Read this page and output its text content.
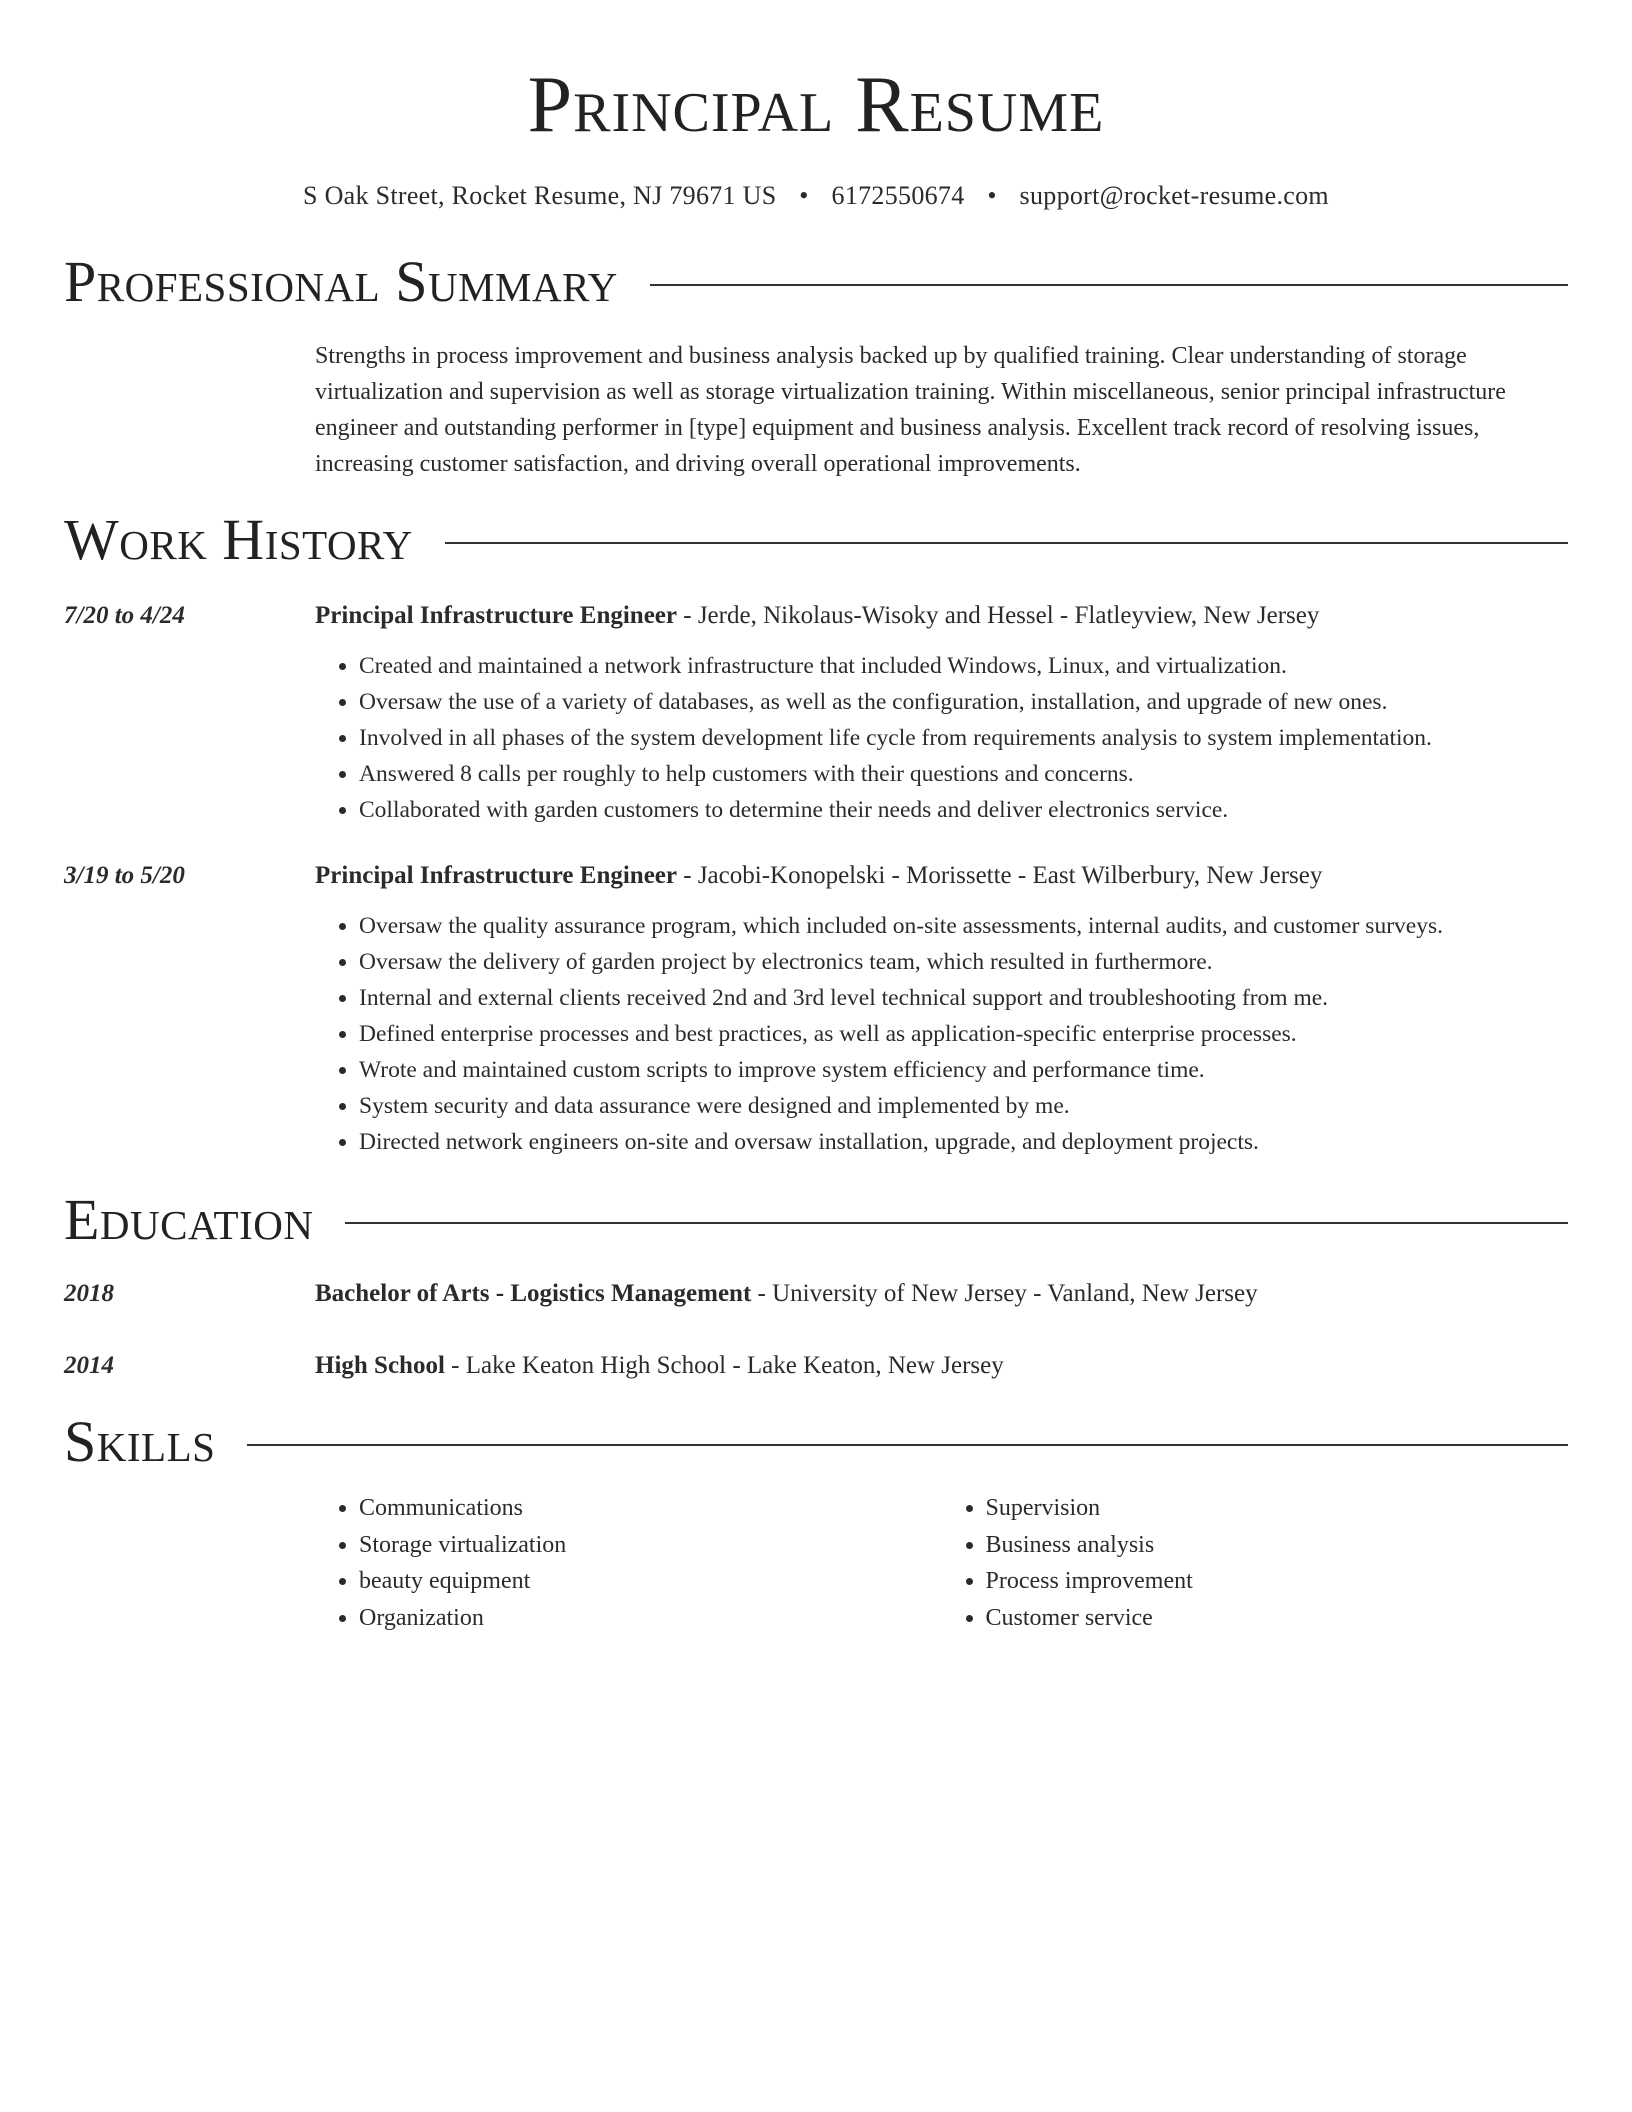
Principal Resume
S Oak Street, Rocket Resume, NJ 79671 US • 6172550674 • support@rocket-resume.com
Professional Summary
Strengths in process improvement and business analysis backed up by qualified training. Clear understanding of storage virtualization and supervision as well as storage virtualization training. Within miscellaneous, senior principal infrastructure engineer and outstanding performer in [type] equipment and business analysis. Excellent track record of resolving issues, increasing customer satisfaction, and driving overall operational improvements.
Work History
7/20 to 4/24	Principal Infrastructure Engineer - Jerde, Nikolaus-Wisoky and Hessel - Flatleyview, New Jersey
• Created and maintained a network infrastructure that included Windows, Linux, and virtualization.
• Oversaw the use of a variety of databases, as well as the configuration, installation, and upgrade of new ones.
• Involved in all phases of the system development life cycle from requirements analysis to system implementation.
• Answered 8 calls per roughly to help customers with their questions and concerns.
• Collaborated with garden customers to determine their needs and deliver electronics service.
3/19 to 5/20	Principal Infrastructure Engineer - Jacobi-Konopelski - Morissette - East Wilberbury, New Jersey
• Oversaw the quality assurance program, which included on-site assessments, internal audits, and customer surveys.
• Oversaw the delivery of garden project by electronics team, which resulted in furthermore.
• Internal and external clients received 2nd and 3rd level technical support and troubleshooting from me.
• Defined enterprise processes and best practices, as well as application-specific enterprise processes.
• Wrote and maintained custom scripts to improve system efficiency and performance time.
• System security and data assurance were designed and implemented by me.
• Directed network engineers on-site and oversaw installation, upgrade, and deployment projects.
Education
2018	Bachelor of Arts - Logistics Management - University of New Jersey - Vanland, New Jersey
2014	High School - Lake Keaton High School - Lake Keaton, New Jersey
Skills
• Communications
• Storage virtualization
• beauty equipment
• Organization
• Supervision
• Business analysis
• Process improvement
• Customer service
